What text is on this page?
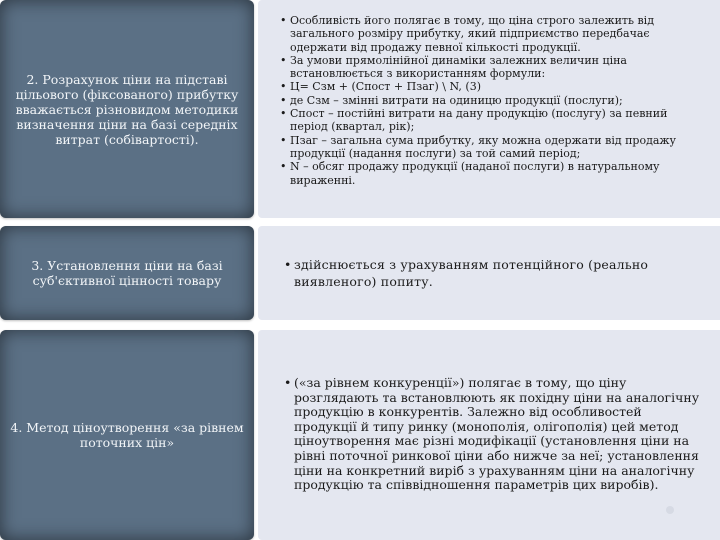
2. Розрахунок ціни на підставі цільового (фіксованого) прибутку вважається різновидом методики визначення ціни на базі середніх витрат (собівартості).
• Особливість його полягає в тому, що ціна строго залежить від загального розміру прибутку, який підприємство передбачає одержати від продажу певної кількості продукції.
• За умови прямолінійної динаміки залежних величин ціна встановлюється з використанням формули:
• Ц= Сзм + (Спост + Пзаг) \ N, (3)
• де Сзм – змінні витрати на одиницю продукції (послуги);
• Спост – постійні витрати на дану продукцію (послугу) за певний період (квартал, рік);
• Пзаг – загальна сума прибутку, яку можна одержати від продажу продукції (надання послуги) за той самий період;
• N – обсяг продажу продукції (наданої послуги) в натуральному вираженні.
3. Установлення ціни на базі суб'єктивної цінності товару
• здійснюється з урахуванням потенційного (реально виявленого) попиту.
4. Метод ціноутворення «за рівнем поточних цін»
• («за рівнем конкуренції») полягає в тому, що ціну розглядають та встановлюють як похідну ціни на аналогічну продукцію в конкурентів. Залежно від особливостей продукції й типу ринку (монополія, олігополія) цей метод ціноутворення має різні модифікації (установлення ціни на рівні поточної ринкової ціни або нижче за неї; установлення ціни на конкретний виріб з урахуванням ціни на аналогічну продукцію та співвідношення параметрів цих виробів).
